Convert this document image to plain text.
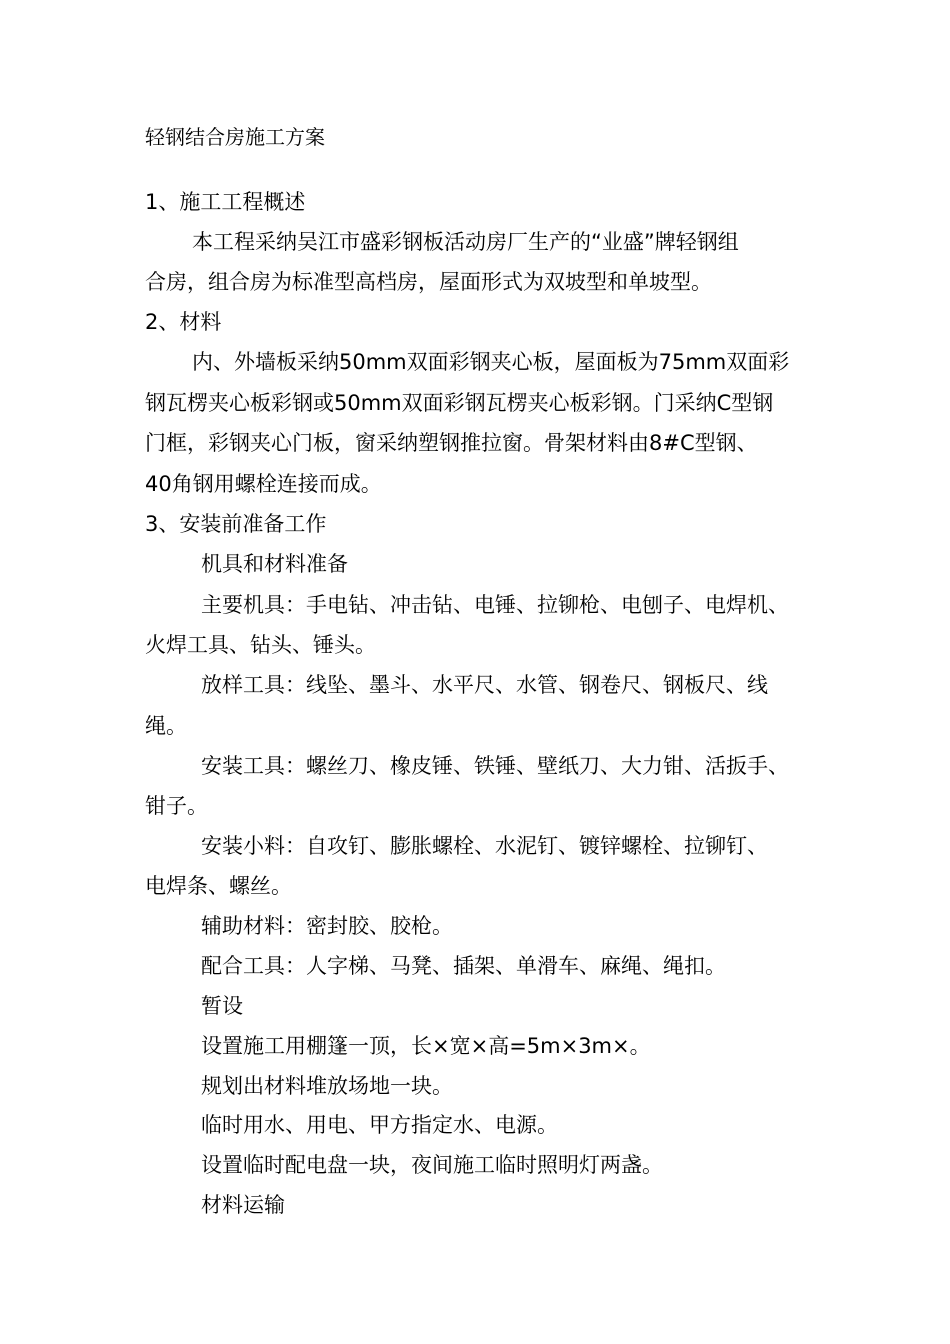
轻钢结合房施工方案
1、施工工程概述
本工程采纳吴江市盛彩钢板活动房厂生产的“业盛”牌轻钢组
合房，组合房为标准型高档房，屋面形式为双坡型和单坡型。
2、材料
内、外墙板采纳50mm双面彩钢夹心板，屋面板为75mm双面彩
钢瓦楞夹心板彩钢或50mm双面彩钢瓦楞夹心板彩钢。门采纳C型钢
门框，彩钢夹心门板，窗采纳塑钢推拉窗。骨架材料由8#C型钢、
40角钢用螺栓连接而成。
3、安装前准备工作
机具和材料准备
主要机具：手电钻、冲击钻、电锤、拉铆枪、电刨子、电焊机、
火焊工具、钻头、锤头。
放样工具：线坠、墨斗、水平尺、水管、钢卷尺、钢板尺、线
绳。
安装工具：螺丝刀、橡皮锤、铁锤、壁纸刀、大力钳、活扳手、
钳子。
安装小料：自攻钉、膨胀螺栓、水泥钉、镀锌螺栓、拉铆钉、
电焊条、螺丝。
辅助材料：密封胶、胶枪。
配合工具：人字梯、马凳、插架、单滑车、麻绳、绳扣。
暂设
设置施工用棚篷一顶，长×宽×高=5m×3m×。
规划出材料堆放场地一块。
临时用水、用电、甲方指定水、电源。
设置临时配电盘一块，夜间施工临时照明灯两盏。
材料运输
